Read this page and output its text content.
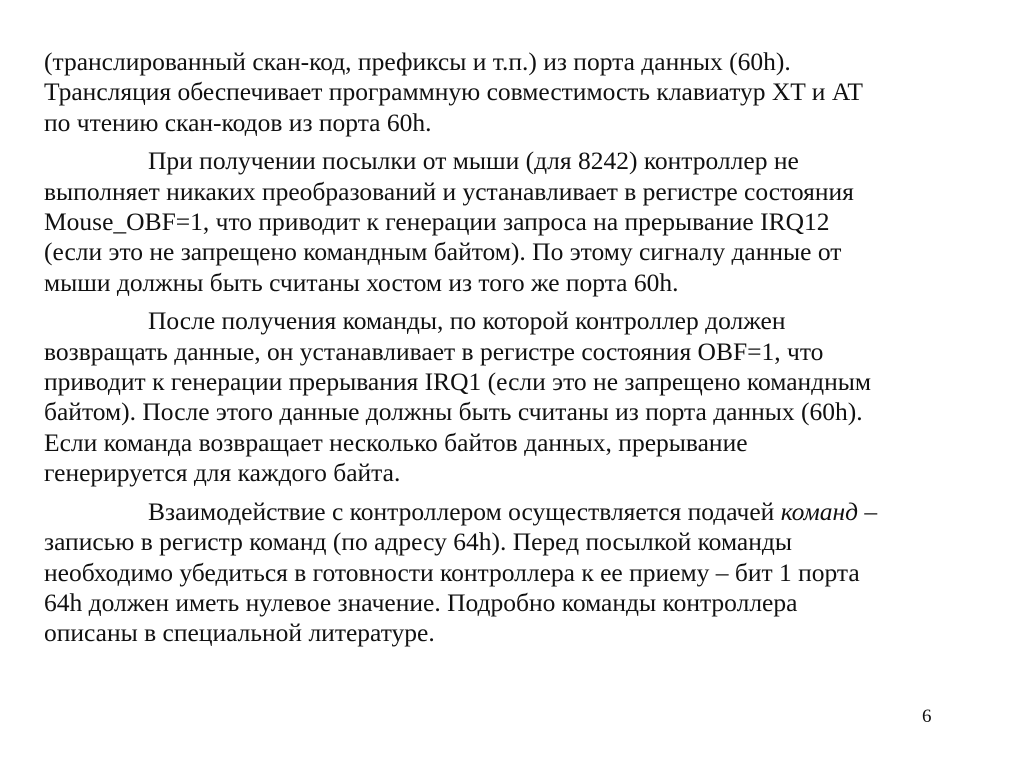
(транслированный скан-код, префиксы и т.п.) из порта данных (60h).
Трансляция обеспечивает программную совместимость клавиатур XT и AT
по чтению скан-кодов из порта 60h.

При получении посылки от мыши (для 8242) контроллер не
выполняет никаких преобразований и устанавливает в регистре состояния
Mouse_OBF=1, что приводит к генерации запроса на прерывание IRQ12
(если это не запрещено командным байтом). По этому сигналу данные от
мыши должны быть считаны хостом из того же порта 60h.

После получения команды, по которой контроллер должен
возвращать данные, он устанавливает в регистре состояния OBF=1, что
приводит к генерации прерывания IRQ1 (если это не запрещено командным
байтом). После этого данные должны быть считаны из порта данных (60h).
Если команда возвращает несколько байтов данных, прерывание
генерируется для каждого байта.

Взаимодействие с контроллером осуществляется подачей команд –
записью в регистр команд (по адресу 64h). Перед посылкой команды
необходимо убедиться в готовности контроллера к ее приему – бит 1 порта
64h должен иметь нулевое значение. Подробно команды контроллера
описаны в специальной литературе.

6
